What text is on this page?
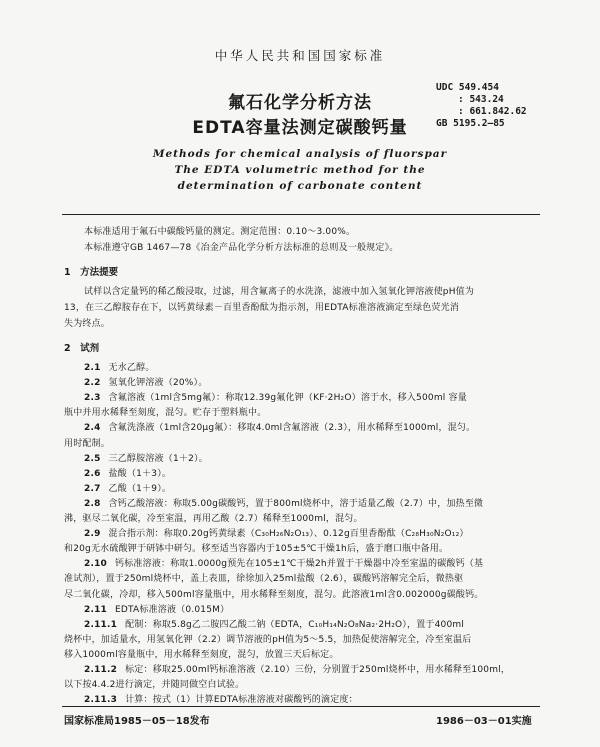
中华人民共和国国家标准
氟石化学分析方法
EDTA容量法测定碳酸钙量
UDC 549.454
: 543.24
: 661.842.62
GB 5195.2—85
Methods for chemical analysis of fluorspar
The EDTA volumetric method for the
determination of carbonate content
本标准适用于氟石中碳酸钙量的测定。测定范围：0.10～3.00%。
本标准遵守GB 1467—78《冶金产品化学分析方法标准的总则及一般规定》。
1　方法提要
试样以含定量钙的稀乙酸浸取，过滤，用含氟离子的水洗涤，滤液中加入氢氧化钾溶液使pH值为
13，在三乙醇胺存在下，以钙黄绿素－百里香酚酞为指示剂，用EDTA标准溶液滴定至绿色荧光消
失为终点。
2　试剂
2.1 无水乙醇。
2.2 氢氧化钾溶液（20%）。
2.3 含氟溶液（1ml含5mg氟）：称取12.39g氟化钾（KF·2H₂O）溶于水，移入500ml 容量
瓶中并用水稀释至刻度，混匀。贮存于塑料瓶中。
2.4 含氟洗涤液（1ml含20μg氟）：移取4.0ml含氟溶液（2.3），用水稀释至1000ml，混匀。
用时配制。
2.5 三乙醇胺溶液（1＋2）。
2.6 盐酸（1＋3）。
2.7 乙酸（1＋9）。
2.8 含钙乙酸溶液：称取5.00g碳酸钙，置于800ml烧杯中，溶于适量乙酸（2.7）中，加热至微
沸，驱尽二氧化碳，冷至室温，再用乙酸（2.7）稀释至1000ml，混匀。
2.9 混合指示剂：称取0.20g钙黄绿素（C₃₀H₂₆N₂O₁₃）、0.12g百里香酚酞（C₂₈H₃₀N₂O₁₂）
和20g无水硫酸钾于研钵中研匀。移至适当容器内于105±5℃干燥1h后，盛于磨口瓶中备用。
2.10 钙标准溶液：称取1.0000g预先在105±1℃干燥2h并置于干燥器中冷至室温的碳酸钙（基
准试剂），置于250ml烧杯中，盖上表皿，徐徐加入25ml盐酸（2.6），碳酸钙溶解完全后，微热驱
尽二氧化碳，冷却，移入500ml容量瓶中，用水稀释至刻度，混匀。此溶液1ml含0.002000g碳酸钙。
2.11 EDTA标准溶液（0.015M）
2.11.1 配制：称取5.8g乙二胺四乙酸二钠（EDTA，C₁₀H₁₄N₂O₈Na₂·2H₂O），置于400ml
烧杯中，加适量水，用氢氧化钾（2.2）调节溶液的pH值为5～5.5，加热促使溶解完全，冷至室温后
移入1000ml容量瓶中，用水稀释至刻度，混匀，放置三天后标定。
2.11.2 标定：移取25.00ml钙标准溶液（2.10）三份，分别置于250ml烧杯中，用水稀释至100ml，
以下按4.4.2进行滴定，并随同做空白试验。
2.11.3 计算：按式（1）计算EDTA标准溶液对碳酸钙的滴定度：
国家标准局1985－05－18发布	1986－03－01实施
